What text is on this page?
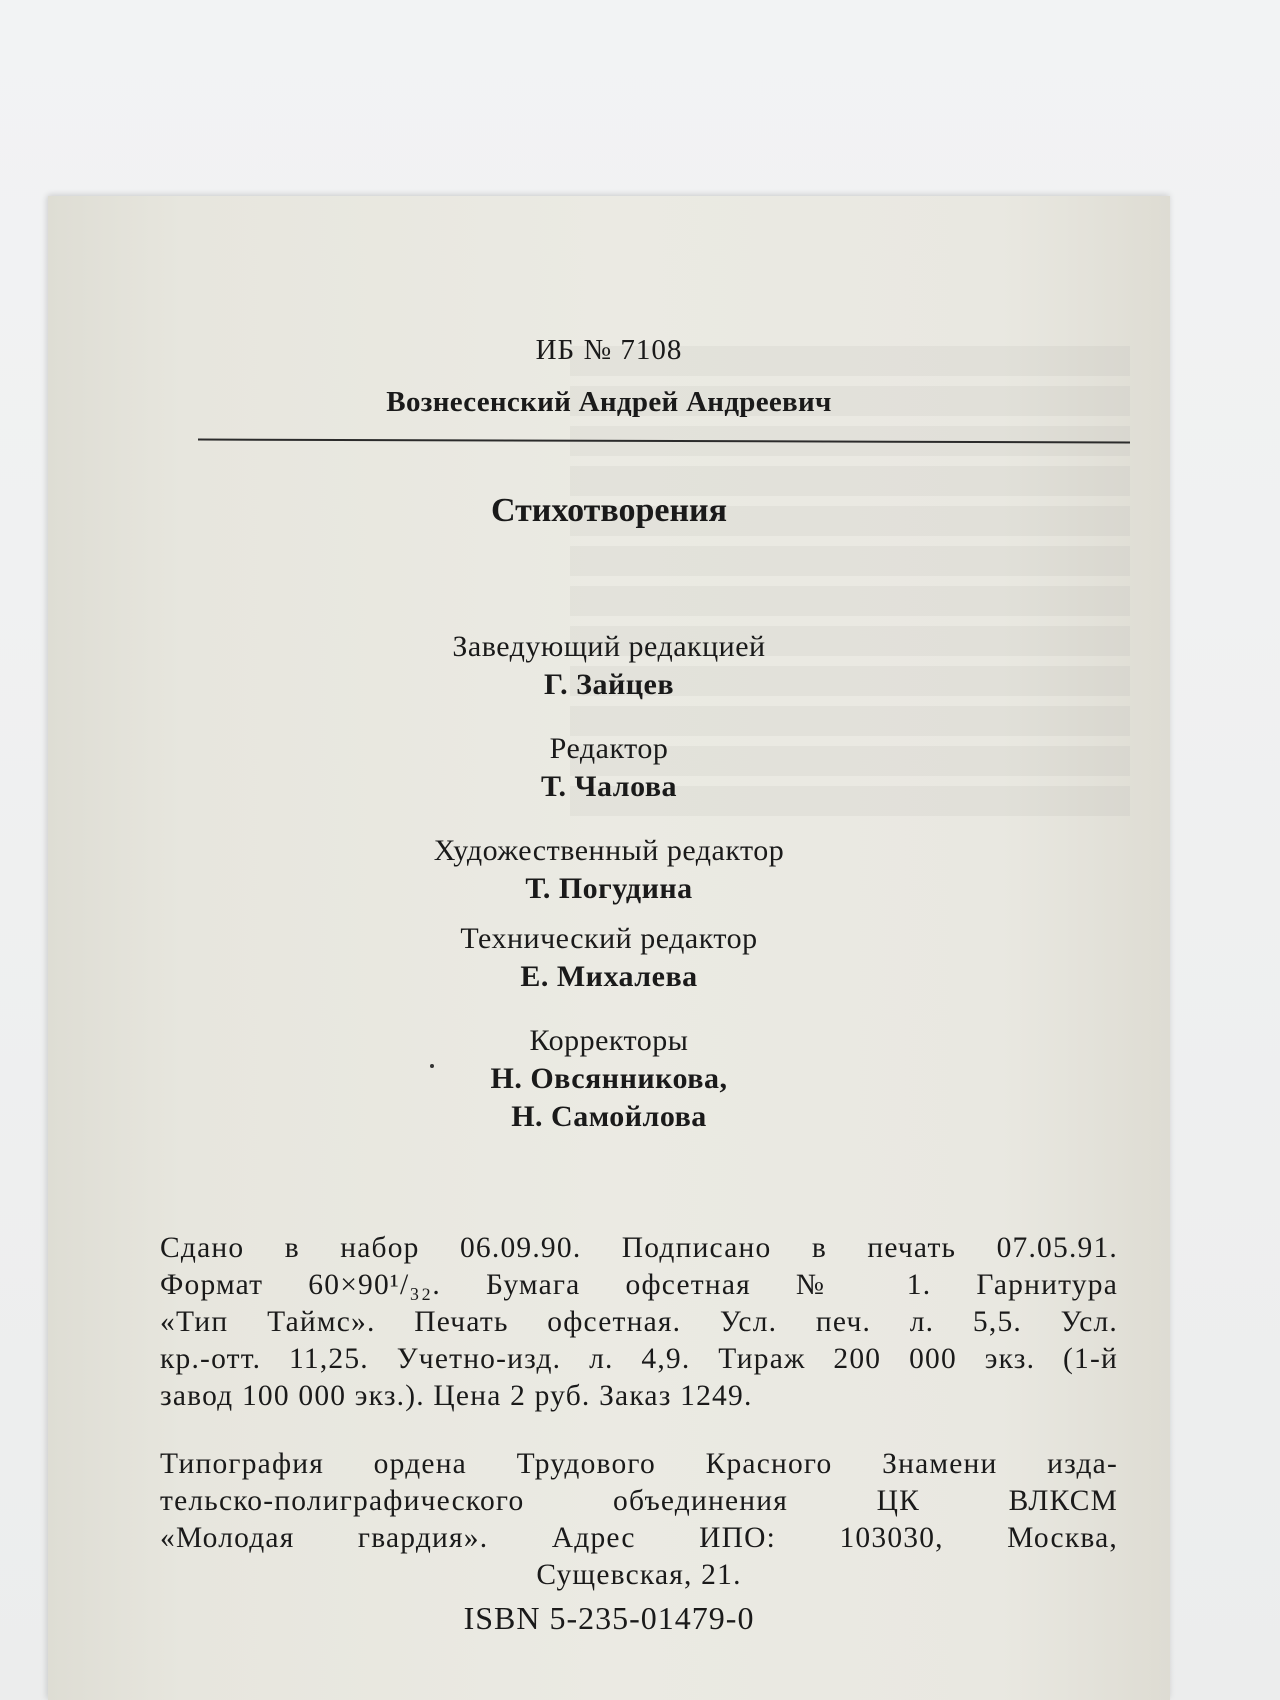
ИБ № 7108
Вознесенский Андрей Андреевич
Стихотворения
Заведующий редакцией
Г. Зайцев
Редактор
Т. Чалова
Художественный редактор
Т. Погудина
Технический редактор
Е. Михалева
Корректоры
Н. Овсянникова,
Н. Самойлова
Сдано в набор 06.09.90. Подписано в печать 07.05.91.
Формат 60×90¹/₃₂. Бумага офсетная № 1. Гарнитура
«Тип Таймс». Печать офсетная. Усл. печ. л. 5,5. Усл.
кр.-отт. 11,25. Учетно-изд. л. 4,9. Тираж 200 000 экз. (1-й
завод 100 000 экз.). Цена 2 руб. Заказ 1249.
Типография ордена Трудового Красного Знамени изда-
тельско-полиграфического объединения ЦК ВЛКСМ
«Молодая гвардия». Адрес ИПО: 103030, Москва,
Сущевская, 21.
ISBN 5-235-01479-0
